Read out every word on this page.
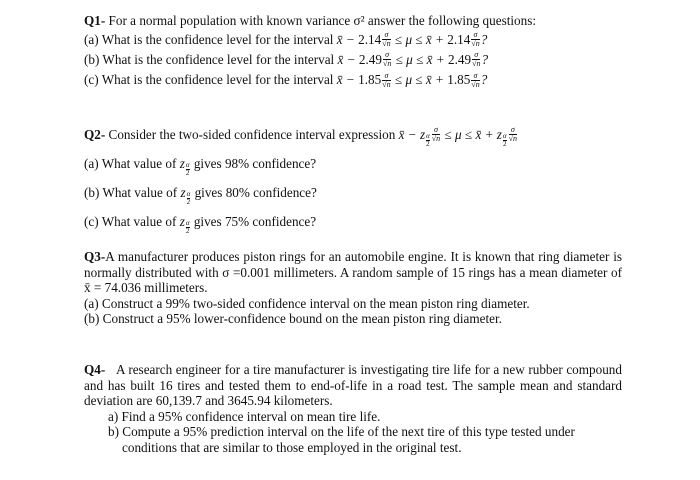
Q1- For a normal population with known variance σ² answer the following questions:
(a) What is the confidence level for the interval x̄ − $2.14 \frac{\sigma}{√n} \le \mu$ ≤ x̄ + $2.14 \frac{\sigma}{√n}$ ?
(b) What is the confidence level for the interval x̄ − $2.49 \frac{\sigma}{√n} \le \mu$ ≤ x̄ + $2.49 \frac{\sigma}{√n}$ ?
(c) What is the confidence level for the interval x̄ − $1.85 \frac{\sigma}{√n} \le \mu$ ≤ x̄ + $1.85 \frac{\sigma}{√n}$ ?
Q2- Consider the two-sided confidence interval expression x̄ − z $\frac{\alpha}{2} \frac{\sigma}{√n} \le \mu$ ≤ x̄ + z $\frac{\alpha}{2} \frac{\sigma}{√n}$
(a) What value of z $\frac{\alpha}{2}$ gives 98% confidence?
(b) What value of z $\frac{\alpha}{2}$ gives 80% confidence?
(c) What value of z $\frac{\alpha}{2}$ gives 75% confidence?
Q3-A manufacturer produces piston rings for an automobile engine. It is known that ring diameter is normally distributed with σ =0.001 millimeters. A random sample of 15 rings has a mean diameter of x̄ = 74.036 millimeters.
(a) Construct a 99% two-sided confidence interval on the mean piston ring diameter.
(b) Construct a 95% lower-confidence bound on the mean piston ring diameter.
Q4- A research engineer for a tire manufacturer is investigating tire life for a new rubber compound and has built 16 tires and tested them to end-of-life in a road test. The sample mean and standard deviation are 60,139.7 and 3645.94 kilometers.
a) Find a 95% confidence interval on mean tire life.
b) Compute a 95% prediction interval on the life of the next tire of this type tested under conditions that are similar to those employed in the original test.
